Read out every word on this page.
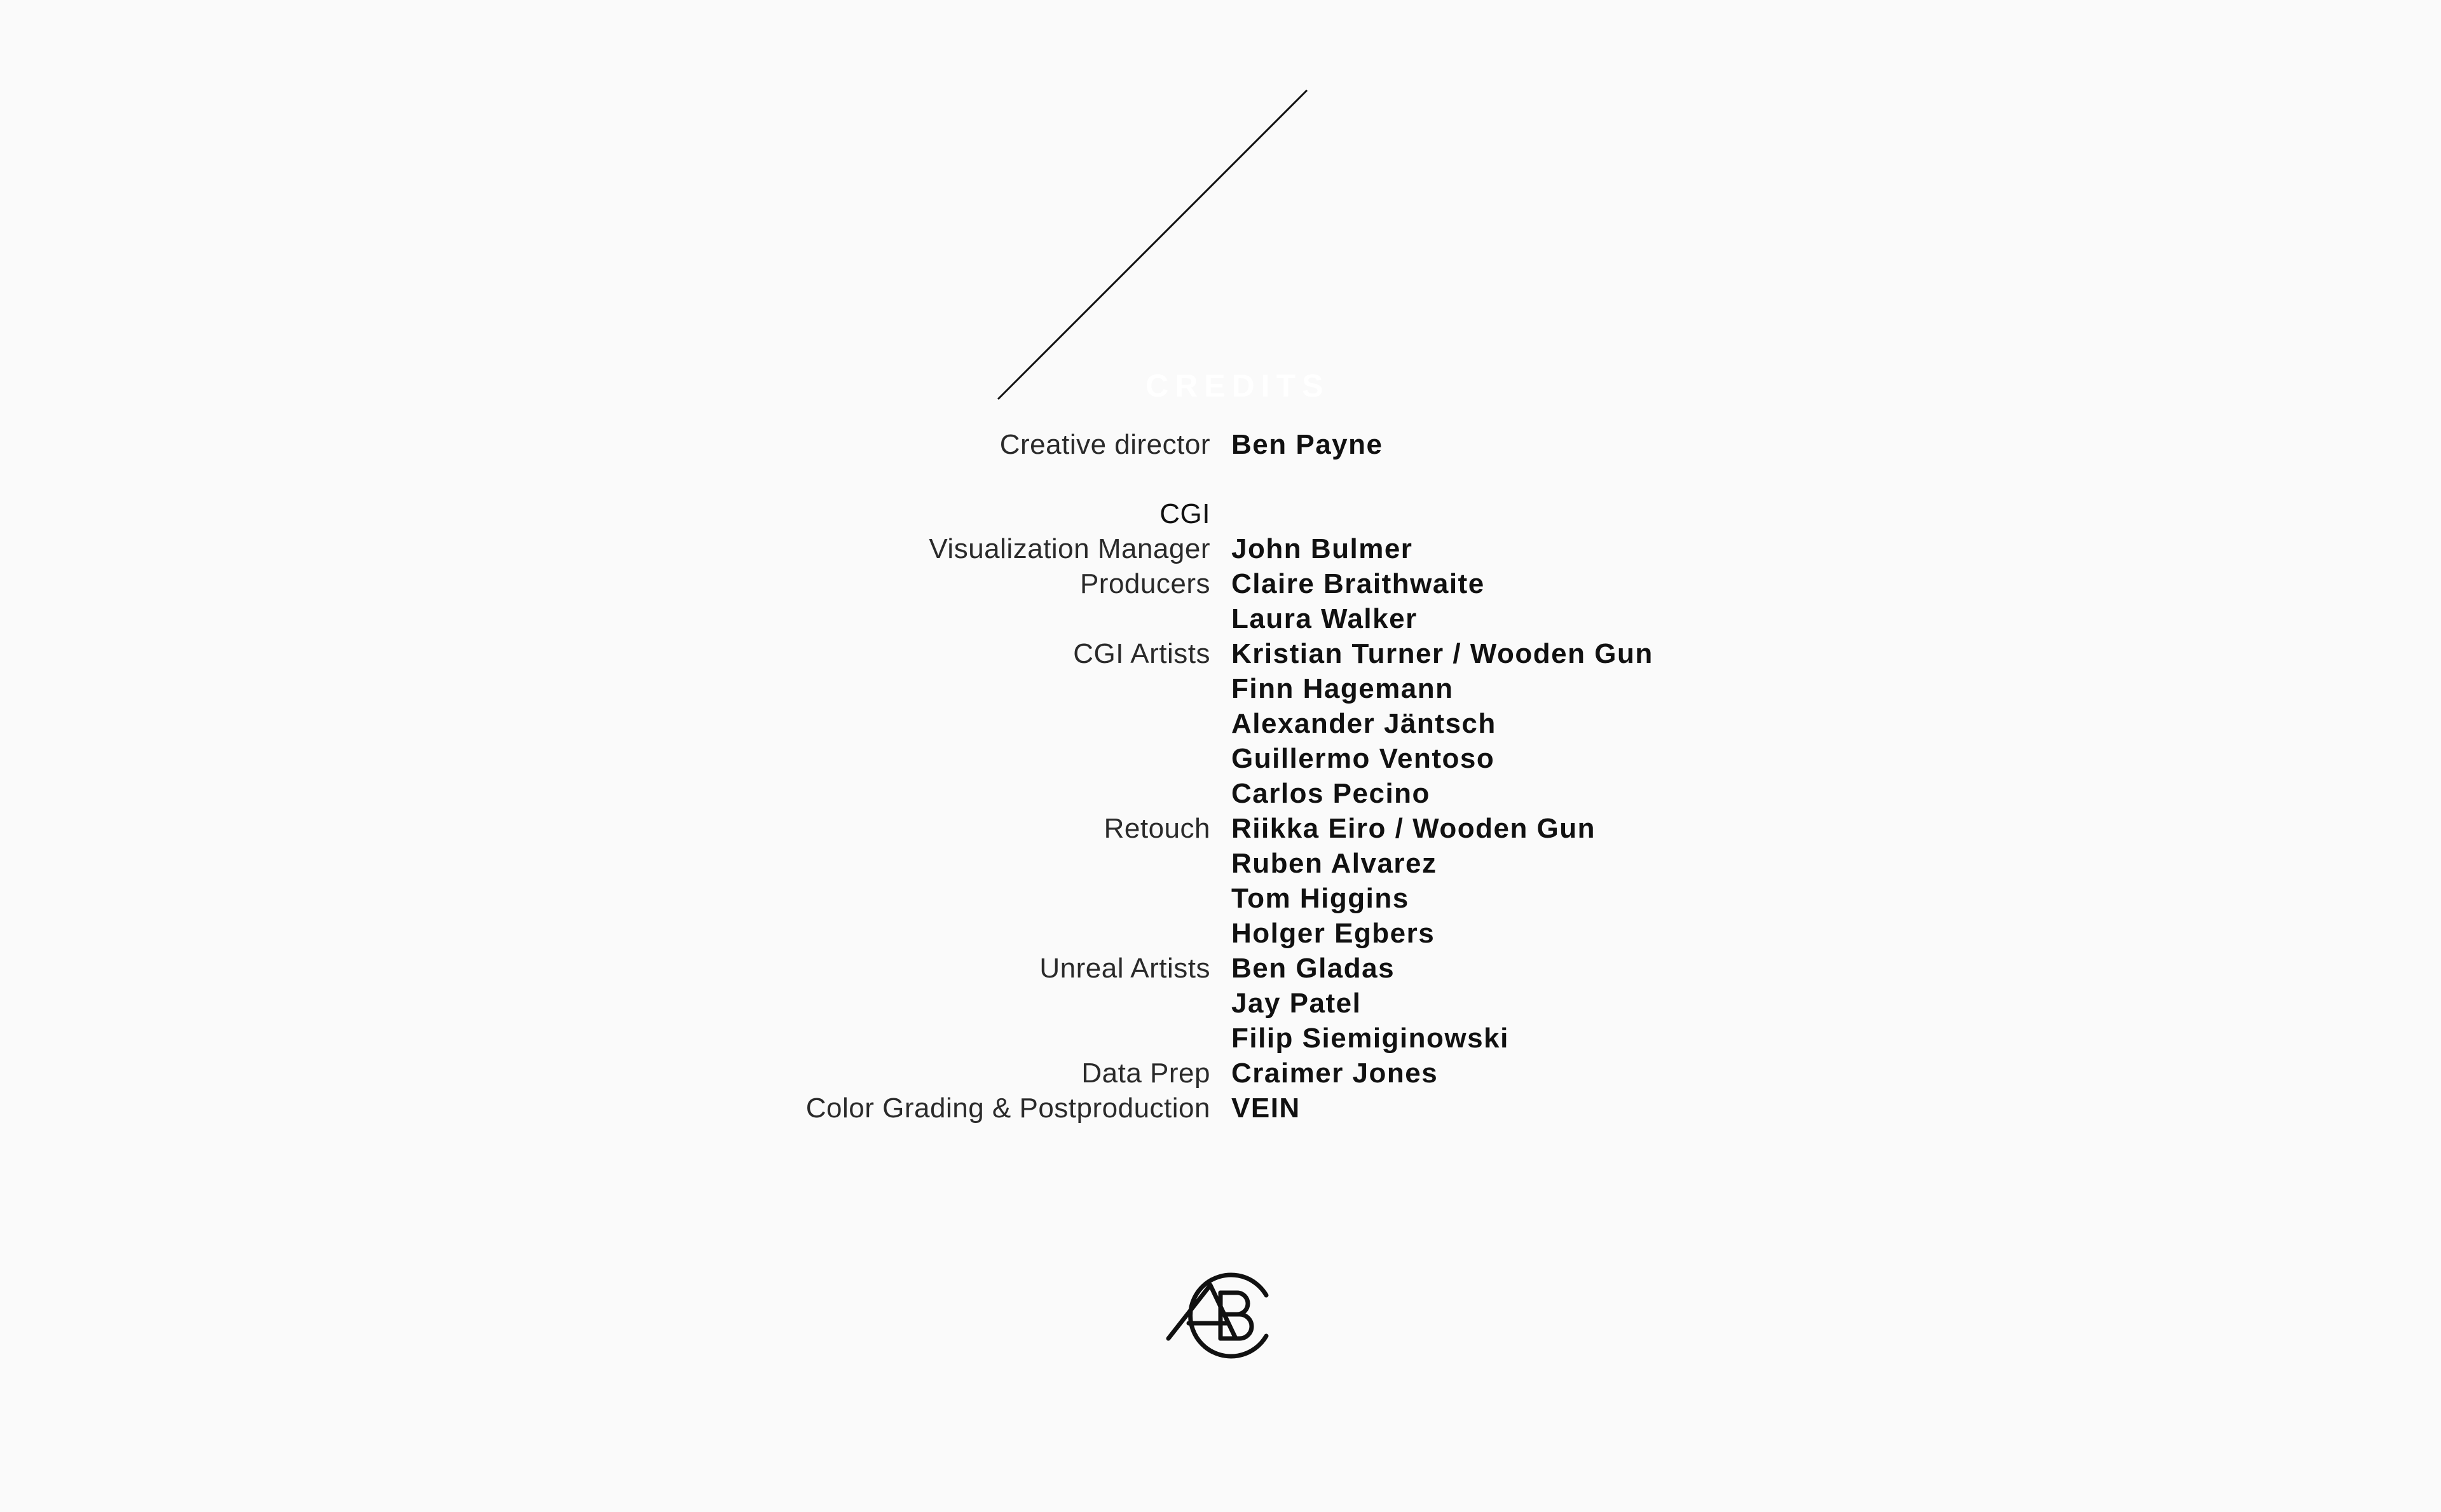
CREDITS
Creative director Ben Payne
CGI
Visualization Manager John Bulmer
Producers Claire Braithwaite
Laura Walker
CGI Artists Kristian Turner / Wooden Gun
Finn Hagemann
Alexander Jäntsch
Guillermo Ventoso
Carlos Pecino
Retouch Riikka Eiro / Wooden Gun
Ruben Alvarez
Tom Higgins
Holger Egbers
Unreal Artists Ben Gladas
Jay Patel
Filip Siemiginowski
Data Prep Craimer Jones
Color Grading & Postproduction VEIN
